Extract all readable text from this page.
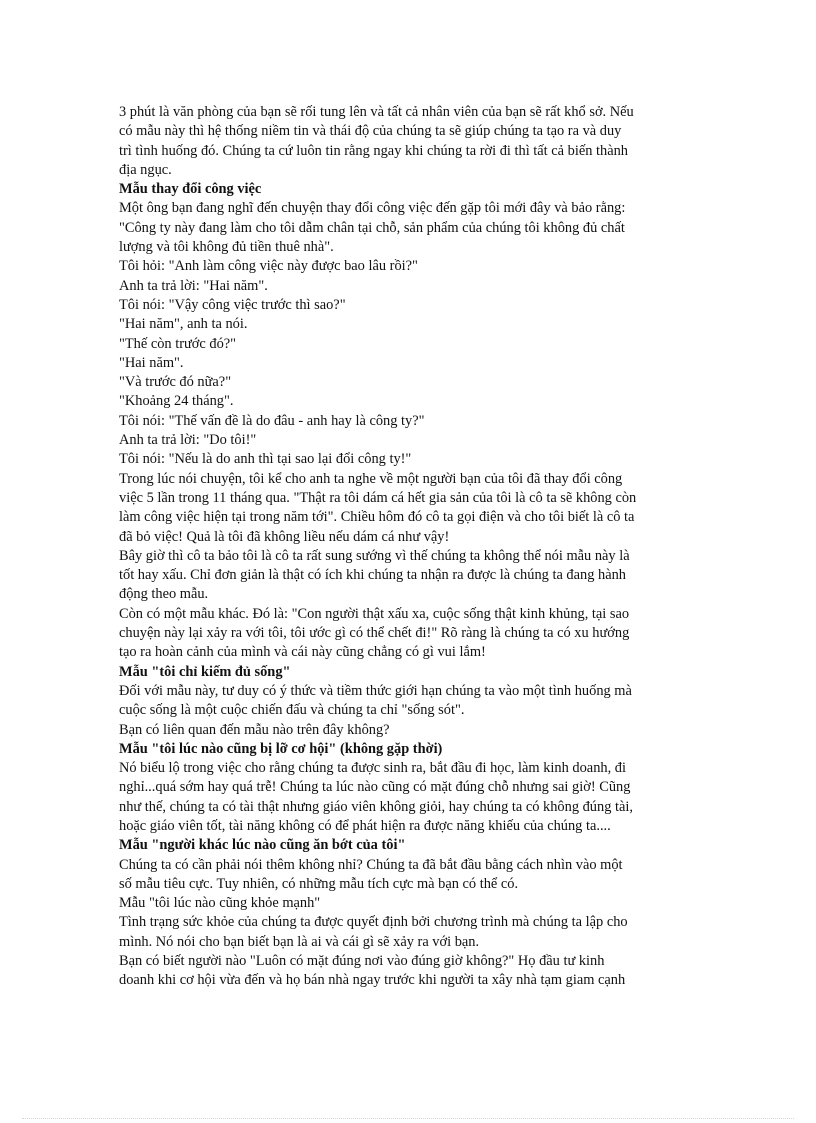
3 phút là văn phòng của bạn sẽ rối tung lên và tất cả nhân viên của bạn sẽ rất khổ sở. Nếu
có mẫu này thì hệ thống niềm tin và thái độ của chúng ta sẽ giúp chúng ta tạo ra và duy
trì tình huống đó. Chúng ta cứ luôn tin rằng ngay khi chúng ta rời đi thì tất cả biến thành
địa ngục.
Mẫu thay đổi công việc
Một ông bạn đang nghĩ đến chuyện thay đổi công việc đến gặp tôi mới đây và bảo rằng:
"Công ty này đang làm cho tôi dẫm chân tại chỗ, sản phẩm của chúng tôi không đủ chất
lượng và tôi không đủ tiền thuê nhà".
Tôi hỏi: "Anh làm công việc này được bao lâu rồi?"
Anh ta trả lời: "Hai năm".
Tôi nói: "Vậy công việc trước thì sao?"
"Hai năm", anh ta nói.
"Thế còn trước đó?"
"Hai năm".
"Và trước đó nữa?"
"Khoảng 24 tháng".
Tôi nói: "Thế vấn đề là do đâu - anh hay là công ty?"
Anh ta trả lời: "Do tôi!"
Tôi nói: "Nếu là do anh thì tại sao lại đổi công ty!"
Trong lúc nói chuyện, tôi kể cho anh ta nghe về một người bạn của tôi đã thay đổi công
việc 5 lần trong 11 tháng qua. "Thật ra tôi dám cá hết gia sản của tôi là cô ta sẽ không còn
làm công việc hiện tại trong năm tới". Chiều hôm đó cô ta gọi điện và cho tôi biết là cô ta
đã bỏ việc! Quả là tôi đã không liều nếu dám cá như vậy!
Bây giờ thì cô ta bảo tôi là cô ta rất sung sướng vì thế chúng ta không thể nói mẫu này là
tốt hay xấu. Chỉ đơn giản là thật có ích khi chúng ta nhận ra được là chúng ta đang hành
động theo mẫu.
Còn có một mẫu khác. Đó là: "Con người thật xấu xa, cuộc sống thật kinh khủng, tại sao
chuyện này lại xảy ra với tôi, tôi ước gì có thể chết đi!" Rõ ràng là chúng ta có xu hướng
tạo ra hoàn cảnh của mình và cái này cũng chẳng có gì vui lắm!
Mẫu "tôi chỉ kiếm đủ sống"
Đối với mẫu này, tư duy có ý thức và tiềm thức giới hạn chúng ta vào một tình huống mà
cuộc sống là một cuộc chiến đấu và chúng ta chỉ "sống sót".
Bạn có liên quan đến mẫu nào trên đây không?
Mẫu "tôi lúc nào cũng bị lỡ cơ hội" (không gặp thời)
Nó biểu lộ trong việc cho rằng chúng ta được sinh ra, bắt đầu đi học, làm kinh doanh, đi
nghỉ...quá sớm hay quá trễ! Chúng ta lúc nào cũng có mặt đúng chỗ nhưng sai giờ! Cũng
như thế, chúng ta có tài thật nhưng giáo viên không giỏi, hay chúng ta có không đúng tài,
hoặc giáo viên tốt, tài năng không có để phát hiện ra được năng khiếu của chúng ta....
Mẫu "người khác lúc nào cũng ăn bớt của tôi"
Chúng ta có cần phải nói thêm không nhỉ? Chúng ta đã bắt đầu bằng cách nhìn vào một
số mẫu tiêu cực. Tuy nhiên, có những mẫu tích cực mà bạn có thể có.
Mẫu "tôi lúc nào cũng khỏe mạnh"
Tình trạng sức khỏe của chúng ta được quyết định bởi chương trình mà chúng ta lập cho
mình. Nó nói cho bạn biết bạn là ai và cái gì sẽ xảy ra với bạn.
Bạn có biết người nào "Luôn có mặt đúng nơi vào đúng giờ không?" Họ đầu tư kinh
doanh khi cơ hội vừa đến và họ bán nhà ngay trước khi người ta xây nhà tạm giam cạnh
